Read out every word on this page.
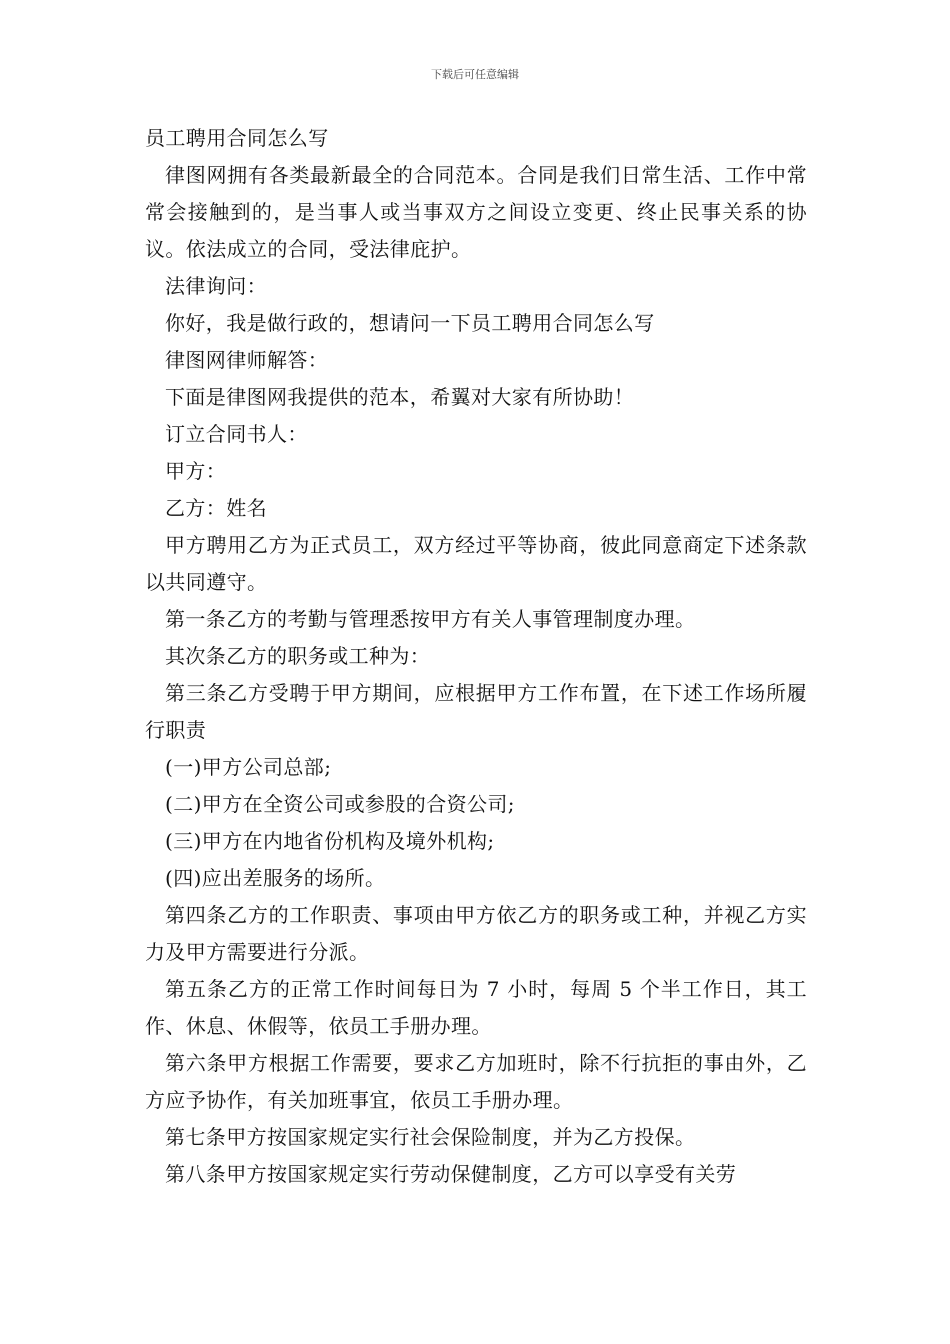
下载后可任意编辑

员工聘用合同怎么写

律图网拥有各类最新最全的合同范本。合同是我们日常生活、工作中常常会接触到的，是当事人或当事双方之间设立变更、终止民事关系的协议。依法成立的合同，受法律庇护。

法律询问：

你好，我是做行政的，想请问一下员工聘用合同怎么写

律图网律师解答：

下面是律图网我提供的范本，希翼对大家有所协助！

订立合同书人：

甲方：

乙方：姓名

甲方聘用乙方为正式员工，双方经过平等协商，彼此同意商定下述条款以共同遵守。

第一条乙方的考勤与管理悉按甲方有关人事管理制度办理。

其次条乙方的职务或工种为：

第三条乙方受聘于甲方期间，应根据甲方工作布置，在下述工作场所履行职责

(一)甲方公司总部;

(二)甲方在全资公司或参股的合资公司;

(三)甲方在内地省份机构及境外机构;

(四)应出差服务的场所。

第四条乙方的工作职责、事项由甲方依乙方的职务或工种，并视乙方实力及甲方需要进行分派。

第五条乙方的正常工作时间每日为 7 小时，每周 5 个半工作日，其工作、休息、休假等，依员工手册办理。

第六条甲方根据工作需要，要求乙方加班时，除不行抗拒的事由外，乙方应予协作，有关加班事宜，依员工手册办理。

第七条甲方按国家规定实行社会保险制度，并为乙方投保。

第八条甲方按国家规定实行劳动保健制度，乙方可以享受有关劳
